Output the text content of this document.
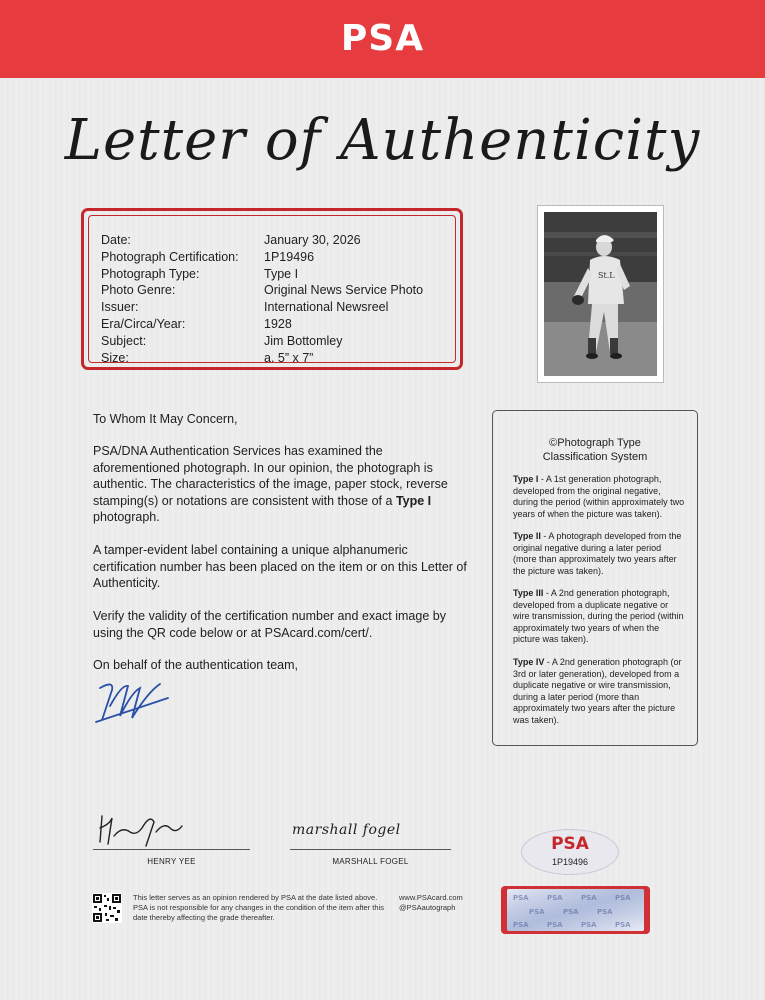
PSA
Letter of Authenticity
Date:	January 30, 2026
Photograph Certification:	1P19496
Photograph Type:	Type I
Photo Genre:	Original News Service Photo
Issuer:	International Newsreel
Era/Circa/Year:	1928
Subject:	Jim Bottomley
Size:	a. 5” x 7”
St.L
To Whom It May Concern,
PSA/DNA Authentication Services has examined the aforementioned photograph. In our opinion, the photograph is authentic. The characteristics of the image, paper stock, reverse stamping(s) or notations are consistent with those of a Type I photograph.
A tamper-evident label containing a unique alphanumeric certification number has been placed on the item or on this Letter of Authenticity.
Verify the validity of the certification number and exact image by using the QR code below or at PSAcard.com/cert/.
On behalf of the authentication team,
©Photograph Type
Classification System
Type I - A 1st generation photograph, developed from the original negative, during the period (within approximately two years of when the picture was taken).
Type II - A photograph developed from the original negative during a later period (more than approximately two years after the picture was taken).
Type III - A 2nd generation photograph, developed from a duplicate negative or wire transmission, during the period (within approximately two years of when the picture was taken).
Type IV - A 2nd generation photograph (or 3rd or later generation), developed from a duplicate negative or wire transmission, during a later period (more than approximately two years after the picture was taken).
HENRY YEE
marshall fogel
MARSHALL FOGEL
PSA
1P19496
This letter serves as an opinion rendered by PSA at the date listed above. PSA is not responsible for any changes in the condition of the item after this date thereby affecting the grade thereafter.
www.PSAcard.com
@PSAautograph
PSA	PSA	PSA	PSA
PSA	PSA	PSA
PSA	PSA	PSA	PSA
